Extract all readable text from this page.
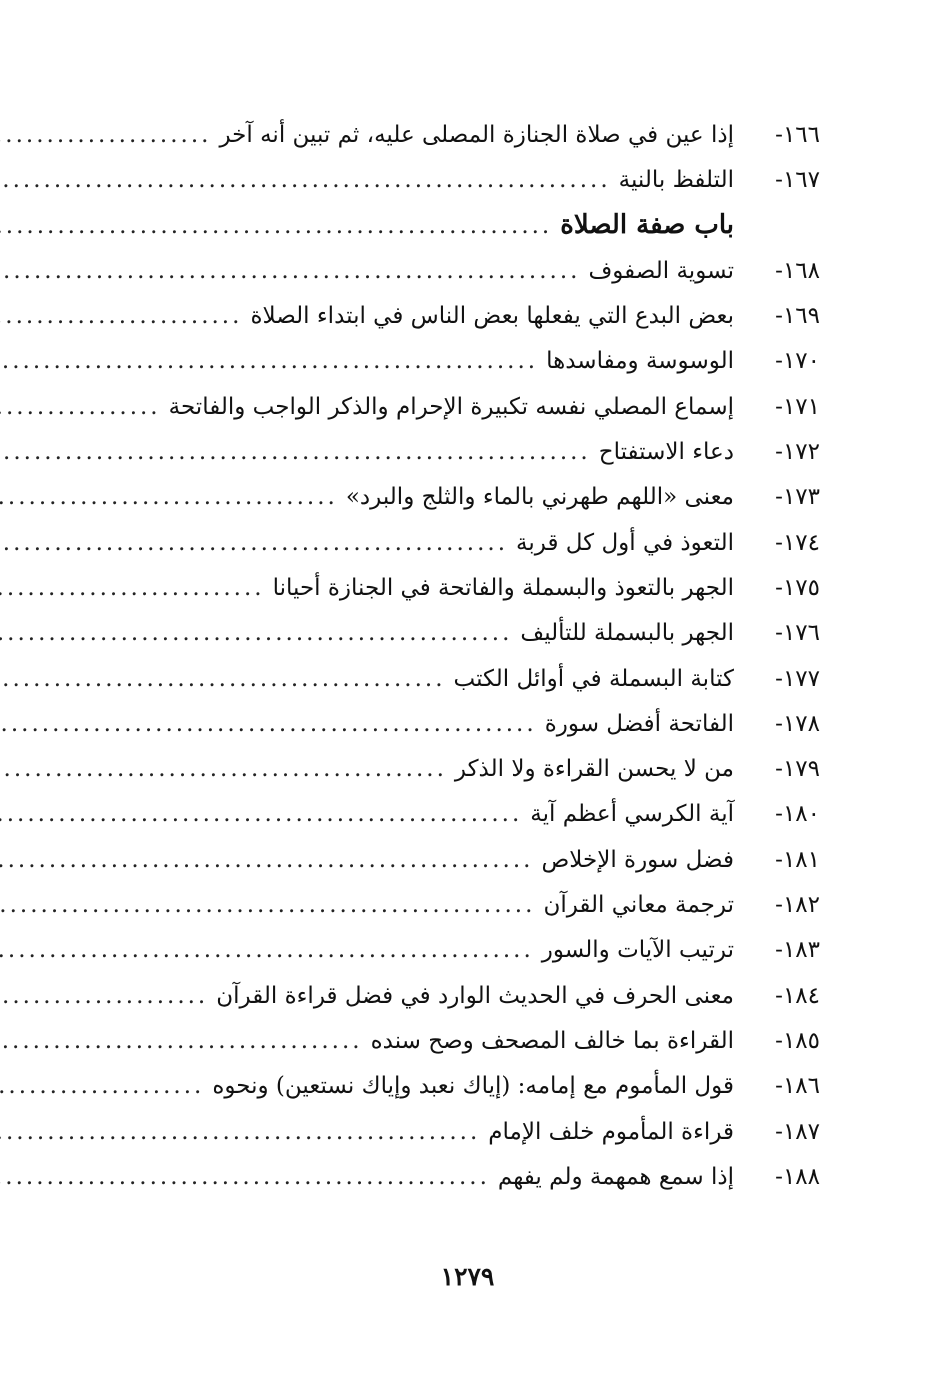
١٦٦-
إذا عين في صلاة الجنازة المصلى عليه، ثم تبين أنه آخر
.....
١٦٧-
التلفظ بالنية
.....
باب صفة الصلاة
.....
١٦٨-
تسوية الصفوف
.....
١٦٩-
بعض البدع التي يفعلها بعض الناس في ابتداء الصلاة
.....
١٧٠-
الوسوسة ومفاسدها
.....
١٧١-
إسماع المصلي نفسه تكبيرة الإحرام والذكر الواجب والفاتحة
.....
١٧٢-
دعاء الاستفتاح
.....
١٧٣-
معنى «اللهم طهرني بالماء والثلج والبرد»
.....
١٧٤-
التعوذ في أول كل قربة
.....
١٧٥-
الجهر بالتعوذ والبسملة والفاتحة في الجنازة أحيانا
.....
١٧٦-
الجهر بالبسملة للتأليف
.....
١٧٧-
كتابة البسملة في أوائل الكتب
.....
١٧٨-
الفاتحة أفضل سورة
.....
١٧٩-
من لا يحسن القراءة ولا الذكر
.....
١٨٠-
آية الكرسي أعظم آية
.....
١٨١-
فضل سورة الإخلاص
.....
١٨٢-
ترجمة معاني القرآن
.....
١٨٣-
ترتيب الآيات والسور
.....
١٨٤-
معنى الحرف في الحديث الوارد في فضل قراءة القرآن
.....
١٨٥-
القراءة بما خالف المصحف وصح سنده
.....
١٨٦-
قول المأموم مع إمامه: (إياك نعبد وإياك نستعين) ونحوه
.....
١٨٧-
قراءة المأموم خلف الإمام
.....
١٨٨-
إذا سمع همهمة ولم يفهم
.....
١٢٧٩
